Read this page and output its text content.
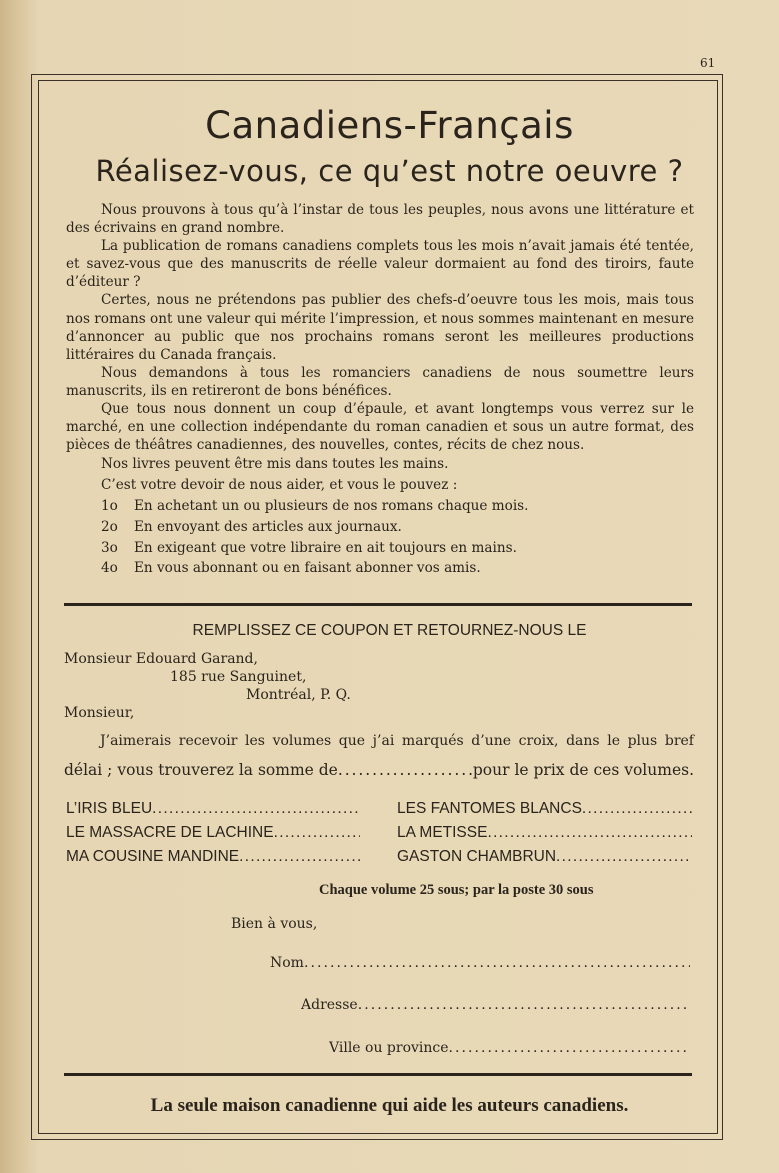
61
Canadiens-Français
Réalisez-vous, ce qu’est notre oeuvre ?

Nous prouvons à tous qu’à l’instar de tous les peuples, nous avons une littérature et des écrivains en grand nombre.

La publication de romans canadiens complets tous les mois n’avait jamais été tentée, et savez-vous que des manuscrits de réelle valeur dormaient au fond des tiroirs, faute d’éditeur ?

Certes, nous ne prétendons pas publier des chefs-d’oeuvre tous les mois, mais tous nos romans ont une valeur qui mérite l’impression, et nous sommes maintenant en mesure d’annoncer au public que nos prochains romans seront les meilleures productions littéraires du Canada français.

Nous demandons à tous les romanciers canadiens de nous soumettre leurs manuscrits, ils en retireront de bons bénéfices.

Que tous nous donnent un coup d’épaule, et avant longtemps vous verrez sur le marché, en une collection indépendante du roman canadien et sous un autre format, des pièces de théâtres canadiennes, des nouvelles, contes, récits de chez nous.

Nos livres peuvent être mis dans toutes les mains.

C’est votre devoir de nous aider, et vous le pouvez :

1o En achetant un ou plusieurs de nos romans chaque mois.
2o En envoyant des articles aux journaux.
3o En exigeant que votre libraire en ait toujours en mains.
4o En vous abonnant ou en faisant abonner vos amis.
REMPLISSEZ CE COUPON ET RETOURNEZ-NOUS LE
Monsieur Edouard Garand,
185 rue Sanguinet,
Montréal, P. Q.
Monsieur,
J’aimerais recevoir les volumes que j’ai marqués d’une croix, dans le plus bref
délai ; vous trouverez la somme de
. . .	pour le prix de ces volumes.
L’IRIS BLEU
. . .
LE MASSACRE DE LACHINE
. . .
MA COUSINE MANDINE
. . .
LES FANTOMES BLANCS
. . .
LA METISSE
. . .
GASTON CHAMBRUN
. . .
Chaque volume 25 sous; par la poste 30 sous
Bien à vous,
Nom
. . .
Adresse
. . .
Ville ou province
. . .
La seule maison canadienne qui aide les auteurs canadiens.
